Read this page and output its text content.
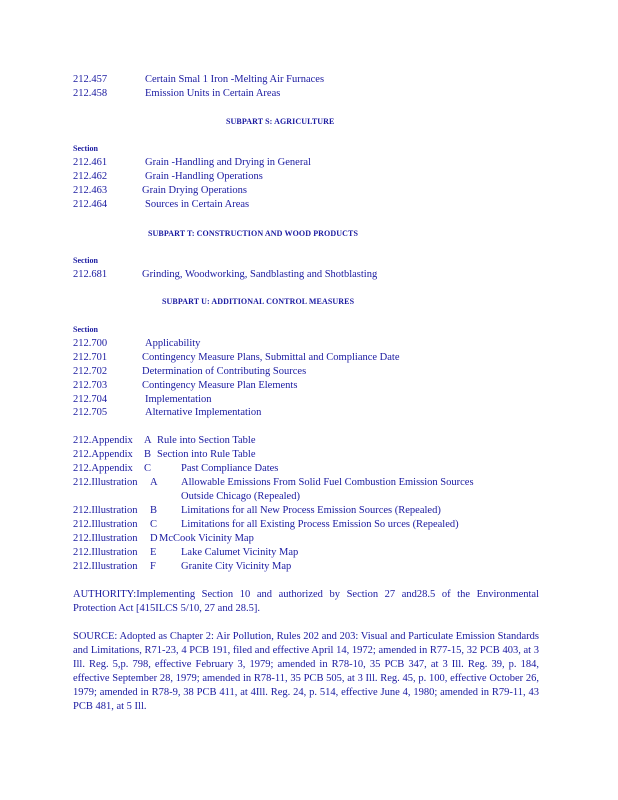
212.457	Certain Smal 1 Iron -Melting Air Furnaces
212.458	Emission Units in Certain Areas
SUBPART S: AGRICULTURE
Section
212.461	Grain -Handling and Drying in General
212.462	Grain -Handling Operations
212.463	Grain Drying Operations
212.464	Sources in Certain Areas
SUBPART T: CONSTRUCTION AND WOOD PRODUCTS
Section
212.681	Grinding, Woodworking, Sandblasting and Shotblasting
SUBPART U: ADDITIONAL CONTROL MEASURES
Section
212.700	Applicability
212.701	Contingency Measure Plans, Submittal and Compliance Date
212.702	Determination of Contributing Sources
212.703	Contingency Measure Plan Elements
212.704	Implementation
212.705	Alternative Implementation
212.Appendix A Rule into Section Table
212.Appendix B Section into Rule Table
212.Appendix C	Past Compliance Dates
212.Illustration A Allowable Emissions From Solid Fuel Combustion Emission Sources
Outside Chicago (Repealed)
212.Illustration B Limitations for all New Process Emission Sources (Repealed)
212.Illustration C Limitations for all Existing Process Emission So urces (Repealed)
212.Illustration D McCook Vicinity Map
212.Illustration E Lake Calumet Vicinity Map
212.Illustration F Granite City Vicinity Map
AUTHORITY:Implementing Section 10 and authorized by Section 27 and28.5 of the Environmental Protection Act [415ILCS 5/10, 27 and 28.5].
SOURCE: Adopted as Chapter 2: Air Pollution, Rules 202 and 203: Visual and Particulate Emission Standards and Limitations, R71-23, 4 PCB 191, filed and effective April 14, 1972; amended in R77-15, 32 PCB 403, at 3 Ill. Reg. 5,p. 798, effective February 3, 1979; amended in R78-10, 35 PCB 347, at 3 Ill. Reg. 39, p. 184, effective September 28, 1979; amended in R78-11, 35 PCB 505, at 3 Ill. Reg. 45, p. 100, effective October 26, 1979; amended in R78-9, 38 PCB 411, at 4Ill. Reg. 24, p. 514, effective June 4, 1980; amended in R79-11, 43 PCB 481, at 5 Ill.
